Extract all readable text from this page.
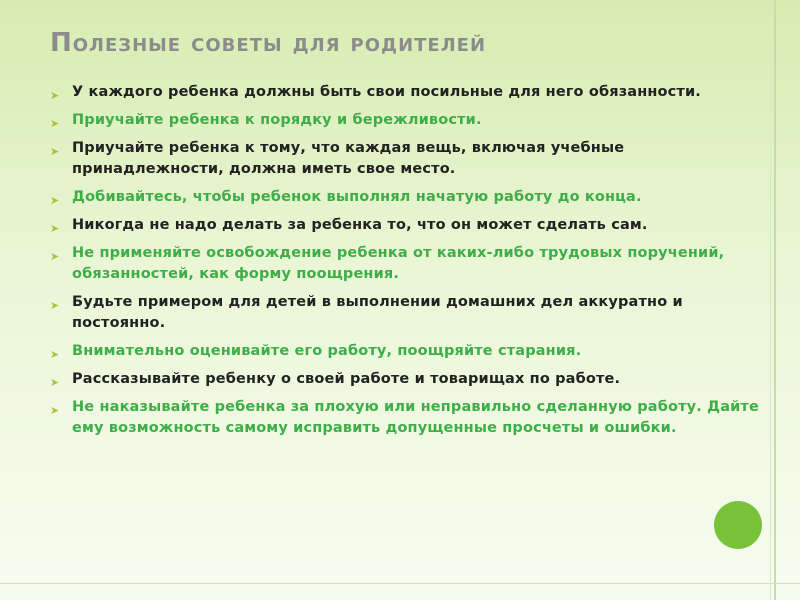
Полезные советы для родителей
➤ У каждого ребенка должны быть свои посильные для него обязанности.
➤ Приучайте ребенка к порядку и бережливости.
➤ Приучайте ребенка к тому, что каждая вещь, включая учебные принадлежности, должна иметь свое место.
➤ Добивайтесь, чтобы ребенок выполнял начатую работу до конца.
➤ Никогда не надо делать за ребенка то, что он может сделать сам.
➤ Не применяйте освобождение ребенка от каких-либо трудовых поручений, обязанностей, как форму поощрения.
➤ Будьте примером для детей в выполнении домашних дел аккуратно и постоянно.
➤ Внимательно оценивайте его работу, поощряйте старания.
➤ Рассказывайте ребенку о своей работе и товарищах по работе.
➤ Не наказывайте ребенка за плохую или неправильно сделанную работу. Дайте ему возможность самому исправить допущенные просчеты и ошибки.
